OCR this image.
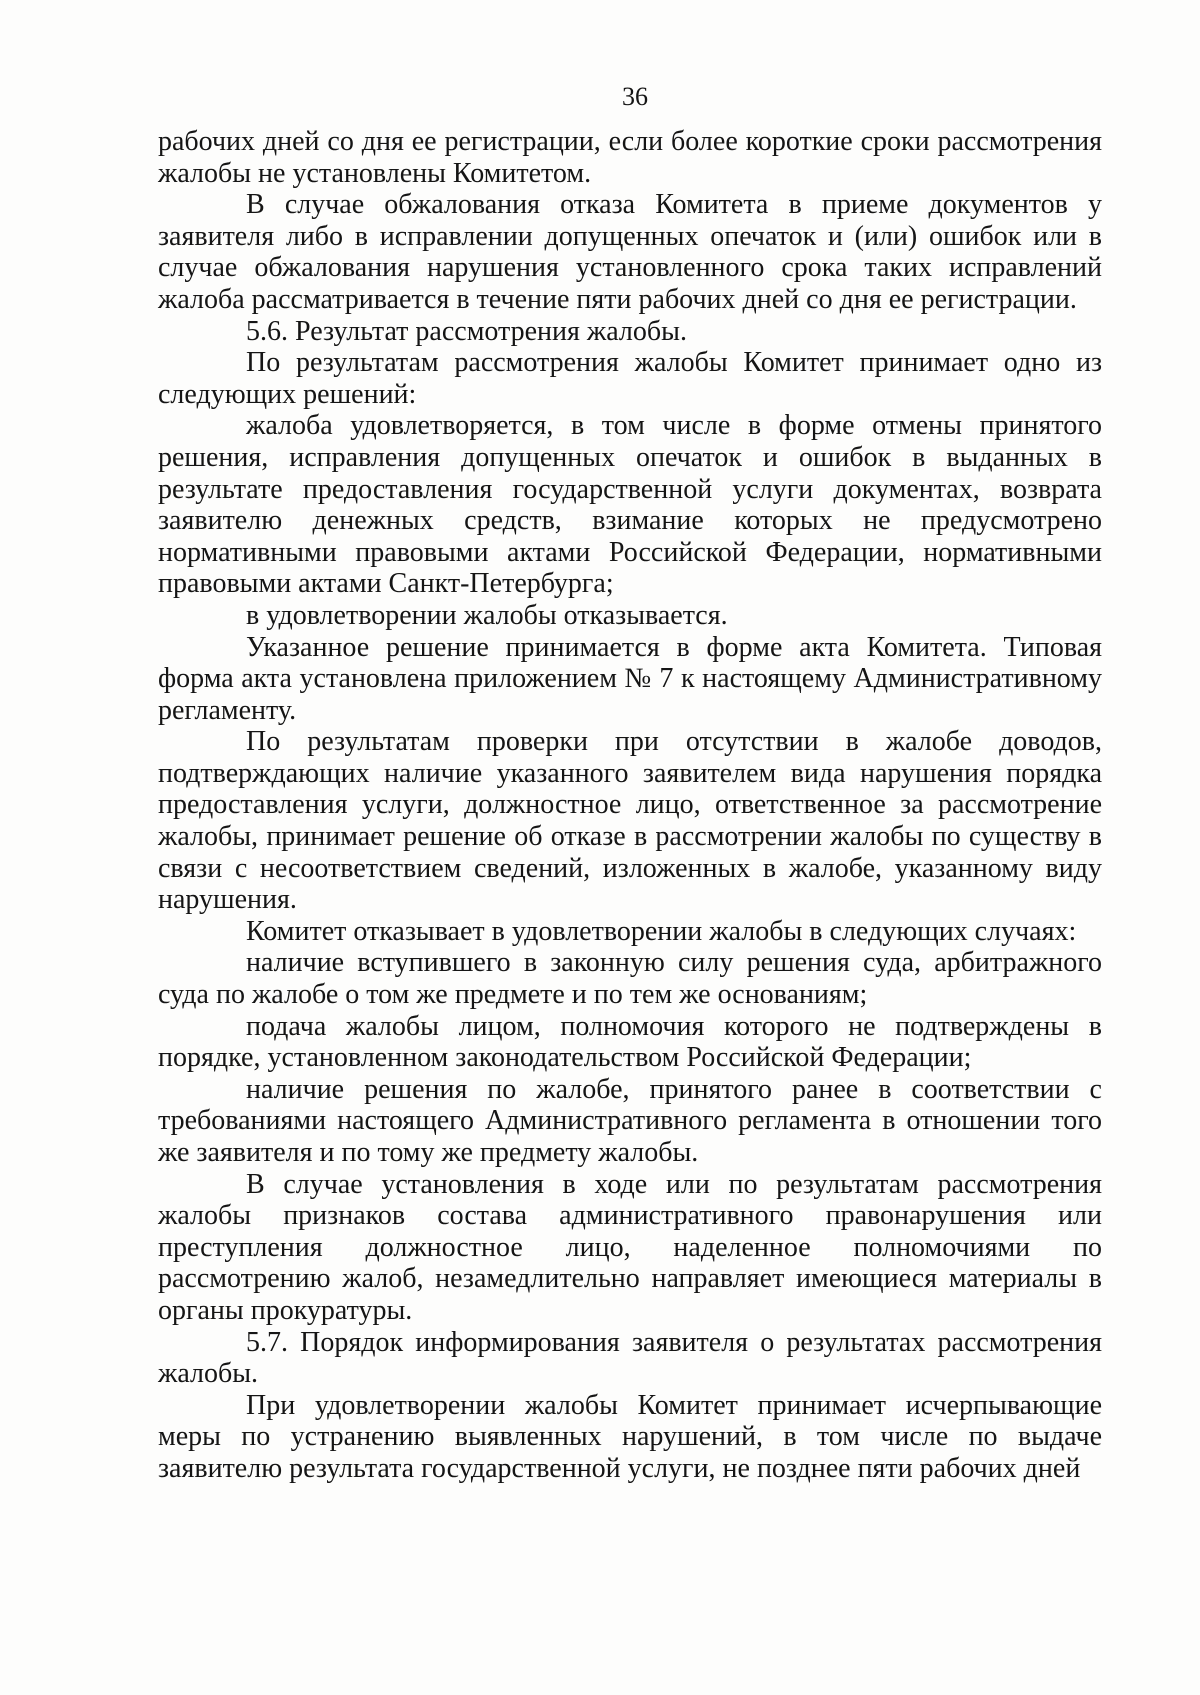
36

рабочих дней со дня ее регистрации, если более короткие сроки рассмотрения жалобы не установлены Комитетом.

В случае обжалования отказа Комитета в приеме документов у заявителя либо в исправлении допущенных опечаток и (или) ошибок или в случае обжалования нарушения установленного срока таких исправлений жалоба рассматривается в течение пяти рабочих дней со дня ее регистрации.

5.6. Результат рассмотрения жалобы.

По результатам рассмотрения жалобы Комитет принимает одно из следующих решений:

жалоба удовлетворяется, в том числе в форме отмены принятого решения, исправления допущенных опечаток и ошибок в выданных в результате предоставления государственной услуги документах, возврата заявителю денежных средств, взимание которых не предусмотрено нормативными правовыми актами Российской Федерации, нормативными правовыми актами Санкт-Петербурга;

в удовлетворении жалобы отказывается.

Указанное решение принимается в форме акта Комитета. Типовая форма акта установлена приложением № 7 к настоящему Административному регламенту.

По результатам проверки при отсутствии в жалобе доводов, подтверждающих наличие указанного заявителем вида нарушения порядка предоставления услуги, должностное лицо, ответственное за рассмотрение жалобы, принимает решение об отказе в рассмотрении жалобы по существу в связи с несоответствием сведений, изложенных в жалобе, указанному виду нарушения.

Комитет отказывает в удовлетворении жалобы в следующих случаях:

наличие вступившего в законную силу решения суда, арбитражного суда по жалобе о том же предмете и по тем же основаниям;

подача жалобы лицом, полномочия которого не подтверждены в порядке, установленном законодательством Российской Федерации;

наличие решения по жалобе, принятого ранее в соответствии с требованиями настоящего Административного регламента в отношении того же заявителя и по тому же предмету жалобы.

В случае установления в ходе или по результатам рассмотрения жалобы признаков состава административного правонарушения или преступления должностное лицо, наделенное полномочиями по рассмотрению жалоб, незамедлительно направляет имеющиеся материалы в органы прокуратуры.

5.7. Порядок информирования заявителя о результатах рассмотрения жалобы.

При удовлетворении жалобы Комитет принимает исчерпывающие меры по устранению выявленных нарушений, в том числе по выдаче заявителю результата государственной услуги, не позднее пяти рабочих дней
